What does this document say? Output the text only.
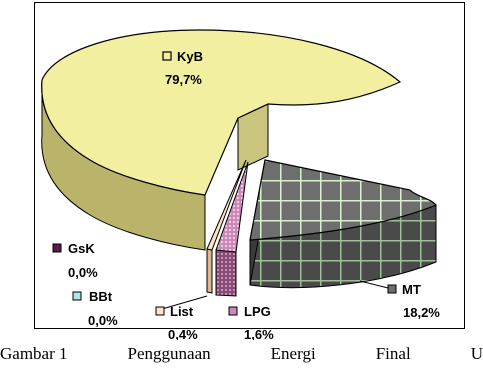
KyB
79,7%
GsK
0,0%
BBt
0,0%
List
0,4%
LPG
1,6%
MT
18,2%
Gambar 1	Penggunaan	Energi	Final	U
